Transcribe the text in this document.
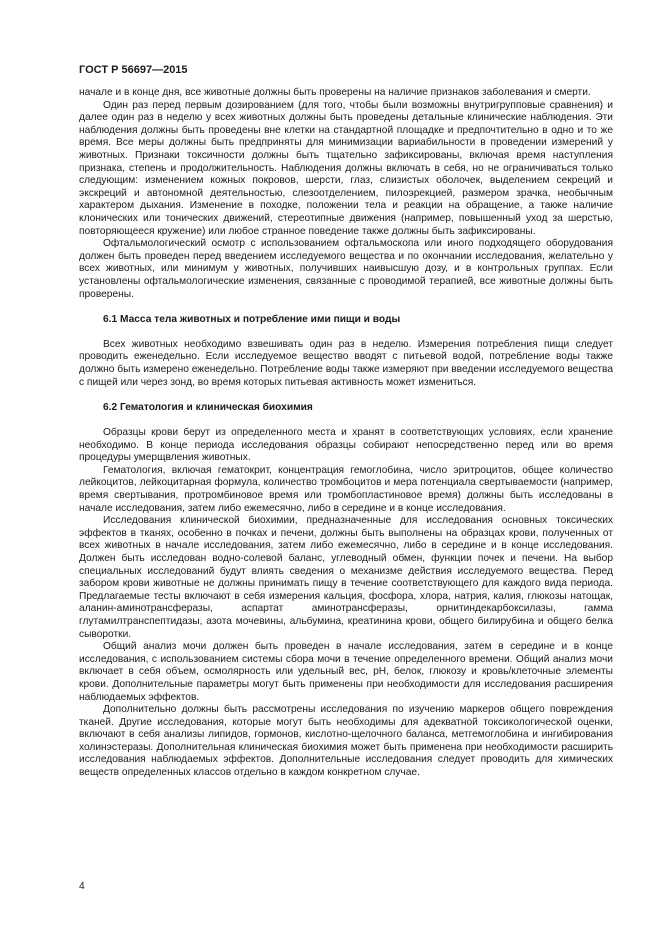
ГОСТ Р 56697—2015

начале и в конце дня, все животные должны быть проверены на наличие признаков заболевания и смерти.

Один раз перед первым дозированием (для того, чтобы были возможны внутригрупповые сравнения) и далее один раз в неделю у всех животных должны быть проведены детальные клинические наблюдения. Эти наблюдения должны быть проведены вне клетки на стандартной площадке и предпочтительно в одно и то же время. Все меры должны быть предприняты для минимизации вариабильности в проведении измерений у животных. Признаки токсичности должны быть тщательно зафиксированы, включая время наступления признака, степень и продолжительность. Наблюдения должны включать в себя, но не ограничиваться только следующим: изменением кожных покровов, шерсти, глаз, слизистых оболочек, выделением секреций и экскреций и автономной деятельностью, слезоотделением, пилоэрекцией, размером зрачка, необычным характером дыхания. Изменение в походке, положении тела и реакции на обращение, а также наличие клонических или тонических движений, стереотипные движения (например, повышенный уход за шерстью, повторяющееся кружение) или любое странное поведение также должны быть зафиксированы.

Офтальмологический осмотр с использованием офтальмоскопа или иного подходящего оборудования должен быть проведен перед введением исследуемого вещества и по окончании исследования, желательно у всех животных, или минимум у животных, получивших наивысшую дозу, и в контрольных группах. Если установлены офтальмологические изменения, связанные с проводимой терапией, все животные должны быть проверены.

6.1 Масса тела животных и потребление ими пищи и воды

Всех животных необходимо взвешивать один раз в неделю. Измерения потребления пищи следует проводить еженедельно. Если исследуемое вещество вводят с питьевой водой, потребление воды также должно быть измерено еженедельно. Потребление воды также измеряют при введении исследуемого вещества с пищей или через зонд, во время которых питьевая активность может измениться.

6.2 Гематология и клиническая биохимия

Образцы крови берут из определенного места и хранят в соответствующих условиях, если хранение необходимо. В конце периода исследования образцы собирают непосредственно перед или во время процедуры умерщвления животных.

Гематология, включая гематокрит, концентрация гемоглобина, число эритроцитов, общее количество лейкоцитов, лейкоцитарная формула, количество тромбоцитов и мера потенциала свертываемости (например, время свертывания, протромбиновое время или тромбопластиновое время) должны быть исследованы в начале исследования, затем либо ежемесячно, либо в середине и в конце исследования.

Исследования клинической биохимии, предназначенные для исследования основных токсических эффектов в тканях, особенно в почках и печени, должны быть выполнены на образцах крови, полученных от всех животных в начале исследования, затем либо ежемесячно, либо в середине и в конце исследования. Должен быть исследован водно-солевой баланс, углеводный обмен, функции почек и печени. На выбор специальных исследований будут влиять сведения о механизме действия исследуемого вещества. Перед забором крови животные не должны принимать пищу в течение соответствующего для каждого вида периода. Предлагаемые тесты включают в себя измерения кальция, фосфора, хлора, натрия, калия, глюкозы натощак, аланин-аминотрансферазы, аспартат аминотрансферазы, орнитиндекарбоксилазы, гамма глутамилтранспептидазы, азота мочевины, альбумина, креатинина крови, общего билирубина и общего белка сыворотки.

Общий анализ мочи должен быть проведен в начале исследования, затем в середине и в конце исследования, с использованием системы сбора мочи в течение определенного времени. Общий анализ мочи включает в себя объем, осмолярность или удельный вес, pH, белок, глюкозу и кровь/клеточные элементы крови. Дополнительные параметры могут быть применены при необходимости для исследования расширения наблюдаемых эффектов.

Дополнительно должны быть рассмотрены исследования по изучению маркеров общего повреждения тканей. Другие исследования, которые могут быть необходимы для адекватной токсикологической оценки, включают в себя анализы липидов, гормонов, кислотно-щелочного баланса, метгемоглобина и ингибирования холинэстеразы. Дополнительная клиническая биохимия может быть применена при необходимости расширить исследования наблюдаемых эффектов. Дополнительные исследования следует проводить для химических веществ определенных классов отдельно в каждом конкретном случае.

4
